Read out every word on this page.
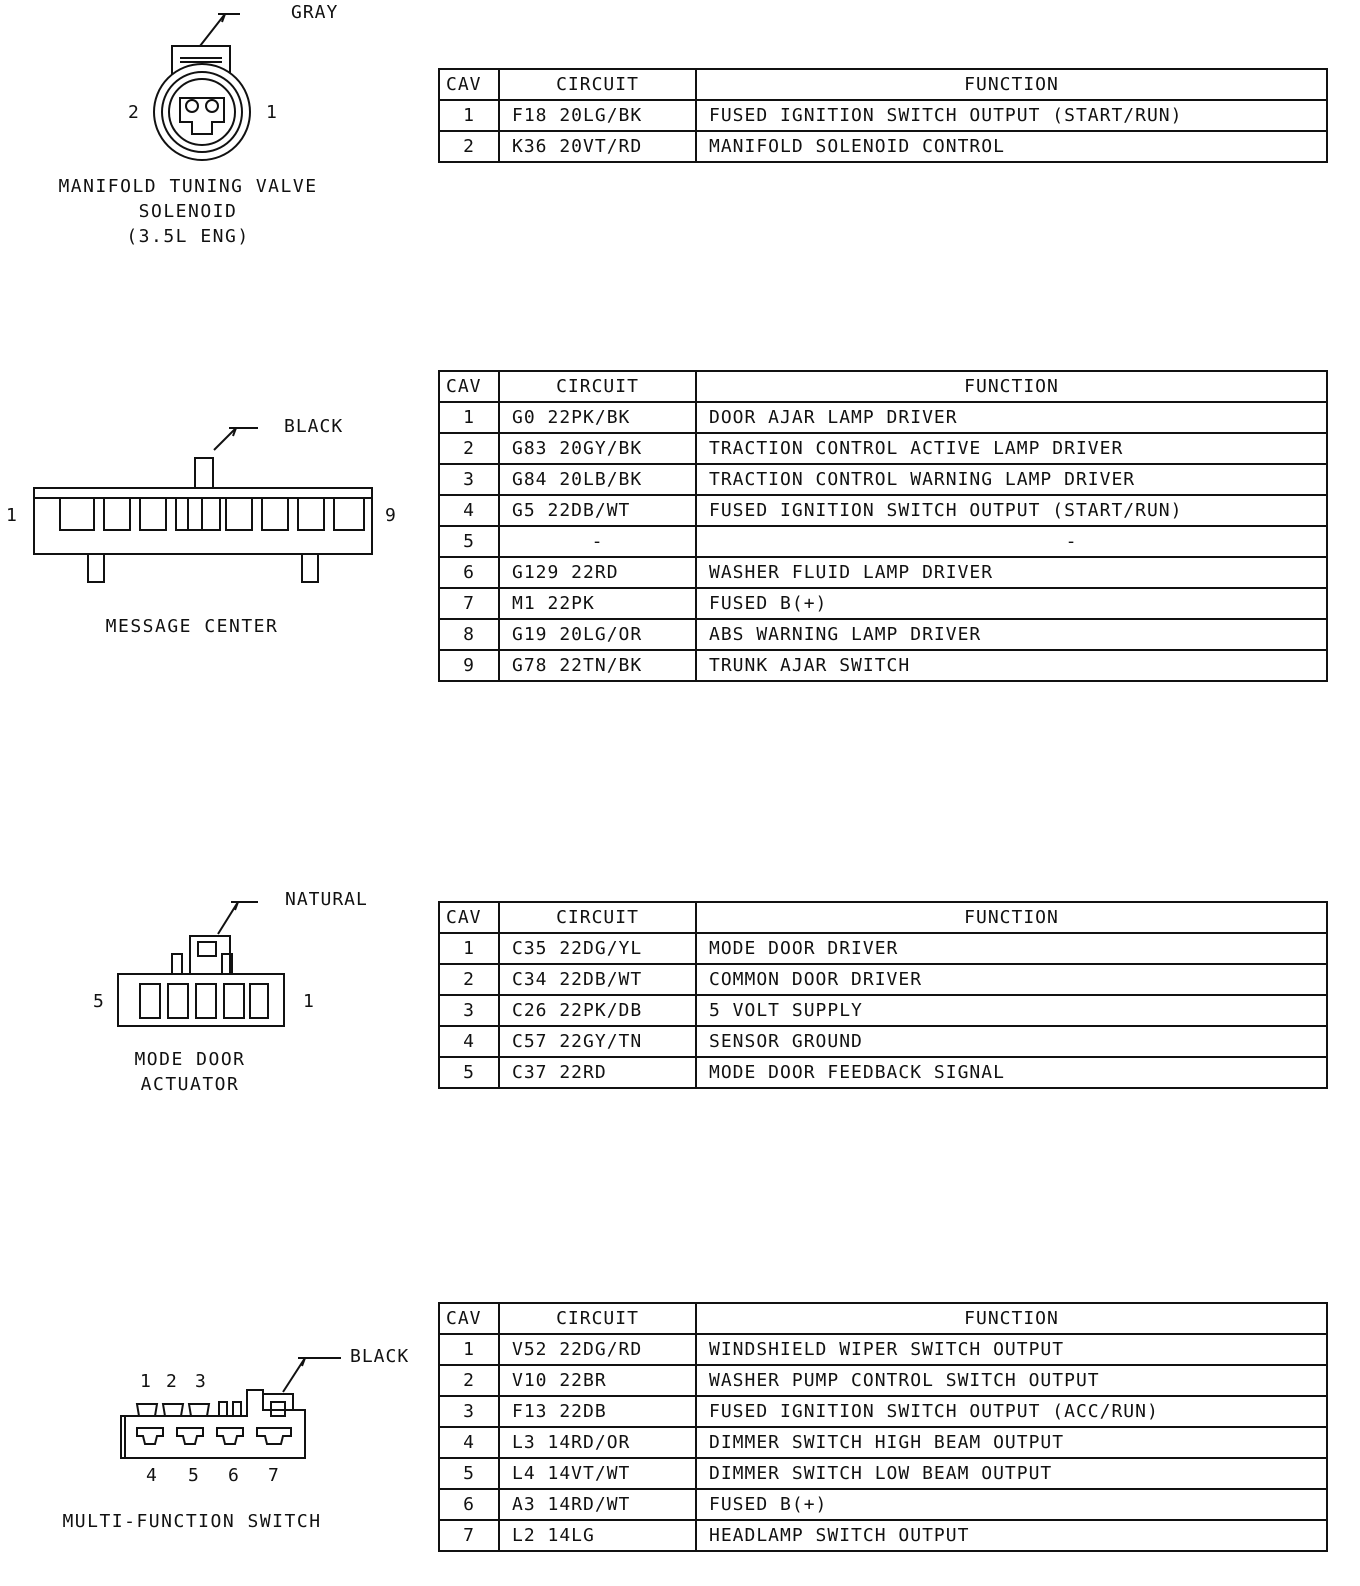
GRAY
2	1
MANIFOLD TUNING VALVE
SOLENOID
(3.5L ENG)
CAV	CIRCUIT	FUNCTION
1	F18 20LG/BK	FUSED IGNITION SWITCH OUTPUT (START/RUN)
2	K36 20VT/RD	MANIFOLD SOLENOID CONTROL
BLACK
1	9
MESSAGE CENTER
CAV	CIRCUIT	FUNCTION
1	G0 22PK/BK	DOOR AJAR LAMP DRIVER
2	G83 20GY/BK	TRACTION CONTROL ACTIVE LAMP DRIVER
3	G84 20LB/BK	TRACTION CONTROL WARNING LAMP DRIVER
4	G5 22DB/WT	FUSED IGNITION SWITCH OUTPUT (START/RUN)
5	-	-
6	G129 22RD	WASHER FLUID LAMP DRIVER
7	M1 22PK	FUSED B(+)
8	G19 20LG/OR	ABS WARNING LAMP DRIVER
9	G78 22TN/BK	TRUNK AJAR SWITCH
NATURAL
5	1
MODE DOOR
ACTUATOR
CAV	CIRCUIT	FUNCTION
1	C35 22DG/YL	MODE DOOR DRIVER
2	C34 22DB/WT	COMMON DOOR DRIVER
3	C26 22PK/DB	5 VOLT SUPPLY
4	C57 22GY/TN	SENSOR GROUND
5	C37 22RD	MODE DOOR FEEDBACK SIGNAL
BLACK
1 2 3
4 5 6 7
MULTI-FUNCTION SWITCH
CAV	CIRCUIT	FUNCTION
1	V52 22DG/RD	WINDSHIELD WIPER SWITCH OUTPUT
2	V10 22BR	WASHER PUMP CONTROL SWITCH OUTPUT
3	F13 22DB	FUSED IGNITION SWITCH OUTPUT (ACC/RUN)
4	L3 14RD/OR	DIMMER SWITCH HIGH BEAM OUTPUT
5	L4 14VT/WT	DIMMER SWITCH LOW BEAM OUTPUT
6	A3 14RD/WT	FUSED B(+)
7	L2 14LG	HEADLAMP SWITCH OUTPUT
